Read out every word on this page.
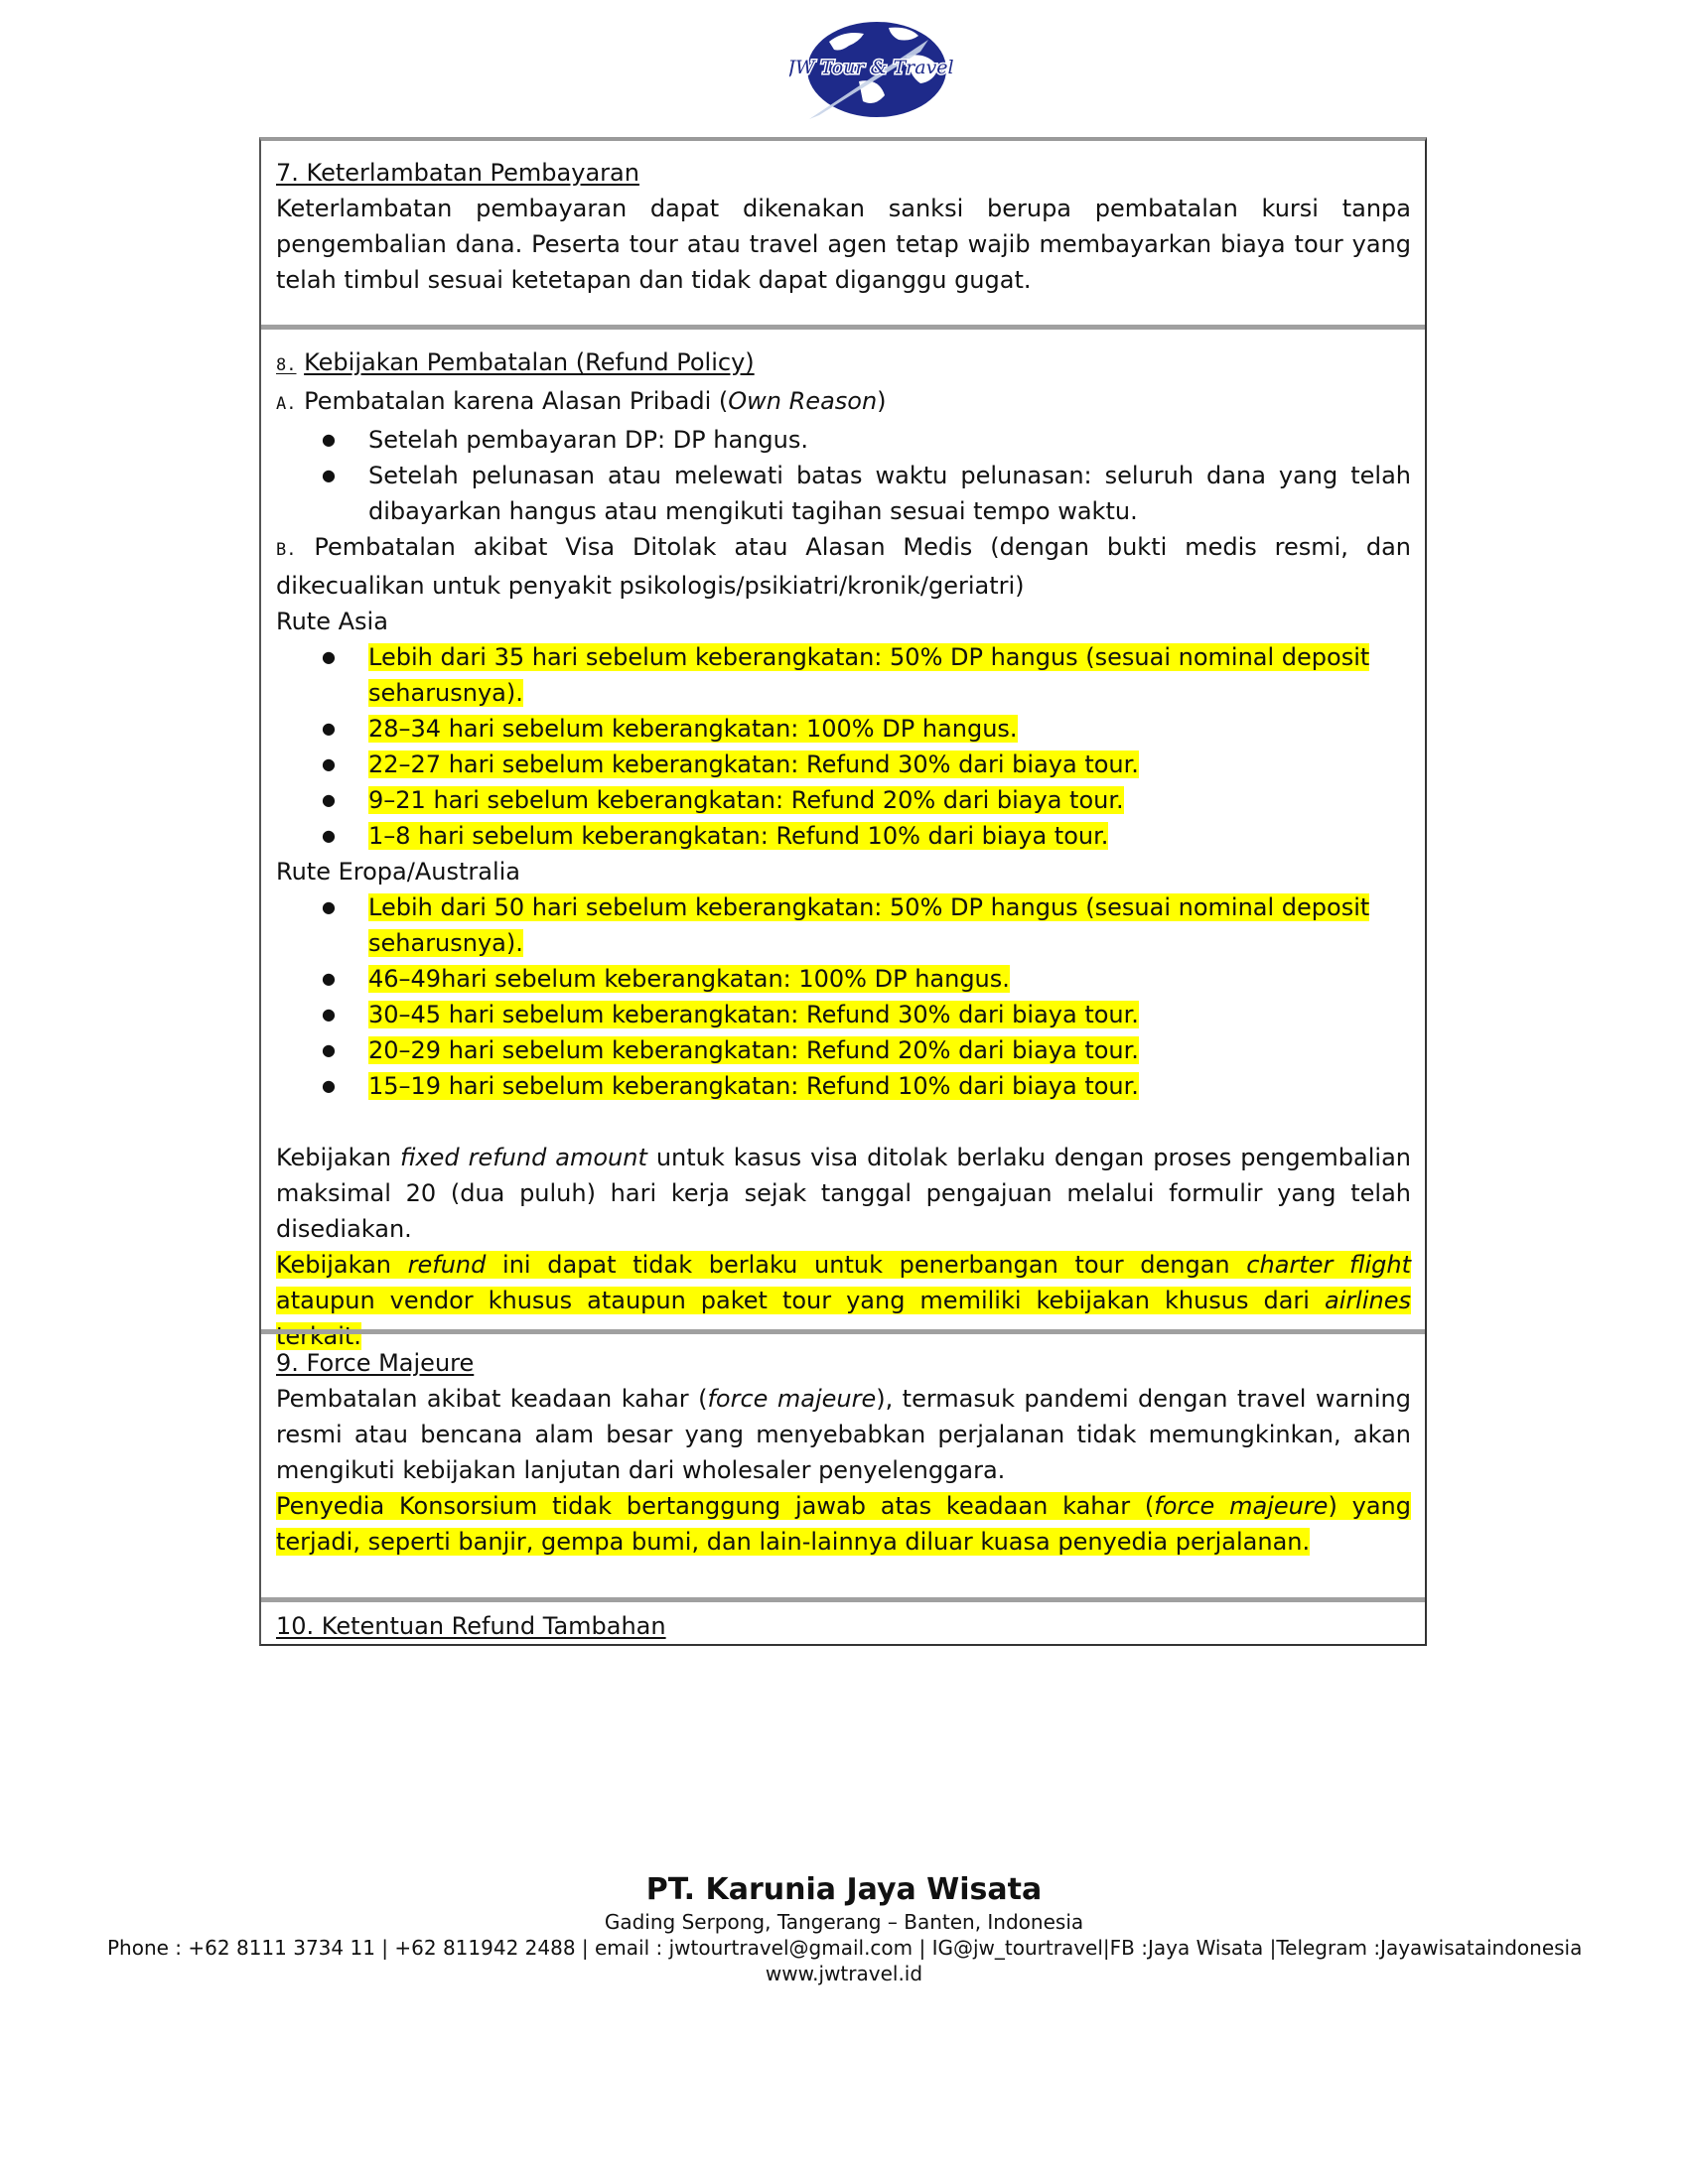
JW Tour & Travel
7. Keterlambatan Pembayaran
Keterlambatan pembayaran dapat dikenakan sanksi berupa pembatalan kursi tanpa pengembalian dana. Peserta tour atau travel agen tetap wajib membayarkan biaya tour yang telah timbul sesuai ketetapan dan tidak dapat diganggu gugat.
8. Kebijakan Pembatalan (Refund Policy)
A. Pembatalan karena Alasan Pribadi (Own Reason)
● Setelah pembayaran DP: DP hangus.
● Setelah pelunasan atau melewati batas waktu pelunasan: seluruh dana yang telah dibayarkan hangus atau mengikuti tagihan sesuai tempo waktu.
B. Pembatalan akibat Visa Ditolak atau Alasan Medis (dengan bukti medis resmi, dan dikecualikan untuk penyakit psikologis/psikiatri/kronik/geriatri)
Rute Asia
● Lebih dari 35 hari sebelum keberangkatan: 50% DP hangus (sesuai nominal deposit seharusnya).
● 28–34 hari sebelum keberangkatan: 100% DP hangus.
● 22–27 hari sebelum keberangkatan: Refund 30% dari biaya tour.
● 9–21 hari sebelum keberangkatan: Refund 20% dari biaya tour.
● 1–8 hari sebelum keberangkatan: Refund 10% dari biaya tour.
Rute Eropa/Australia
● Lebih dari 50 hari sebelum keberangkatan: 50% DP hangus (sesuai nominal deposit seharusnya).
● 46–49hari sebelum keberangkatan: 100% DP hangus.
● 30–45 hari sebelum keberangkatan: Refund 30% dari biaya tour.
● 20–29 hari sebelum keberangkatan: Refund 20% dari biaya tour.
● 15–19 hari sebelum keberangkatan: Refund 10% dari biaya tour.
Kebijakan fixed refund amount untuk kasus visa ditolak berlaku dengan proses pengembalian maksimal 20 (dua puluh) hari kerja sejak tanggal pengajuan melalui formulir yang telah disediakan.
Kebijakan refund ini dapat tidak berlaku untuk penerbangan tour dengan charter flight ataupun vendor khusus ataupun paket tour yang memiliki kebijakan khusus dari airlines terkait.
9. Force Majeure
Pembatalan akibat keadaan kahar (force majeure), termasuk pandemi dengan travel warning resmi atau bencana alam besar yang menyebabkan perjalanan tidak memungkinkan, akan mengikuti kebijakan lanjutan dari wholesaler penyelenggara.
Penyedia Konsorsium tidak bertanggung jawab atas keadaan kahar (force majeure) yang terjadi, seperti banjir, gempa bumi, dan lain-lainnya diluar kuasa penyedia perjalanan.
10. Ketentuan Refund Tambahan
PT. Karunia Jaya Wisata
Gading Serpong, Tangerang – Banten, Indonesia
Phone : +62 8111 3734 11 | +62 811942 2488 | email : jwtourtravel@gmail.com | IG@jw_tourtravel|FB :Jaya Wisata |Telegram :Jayawisataindonesia
www.jwtravel.id
